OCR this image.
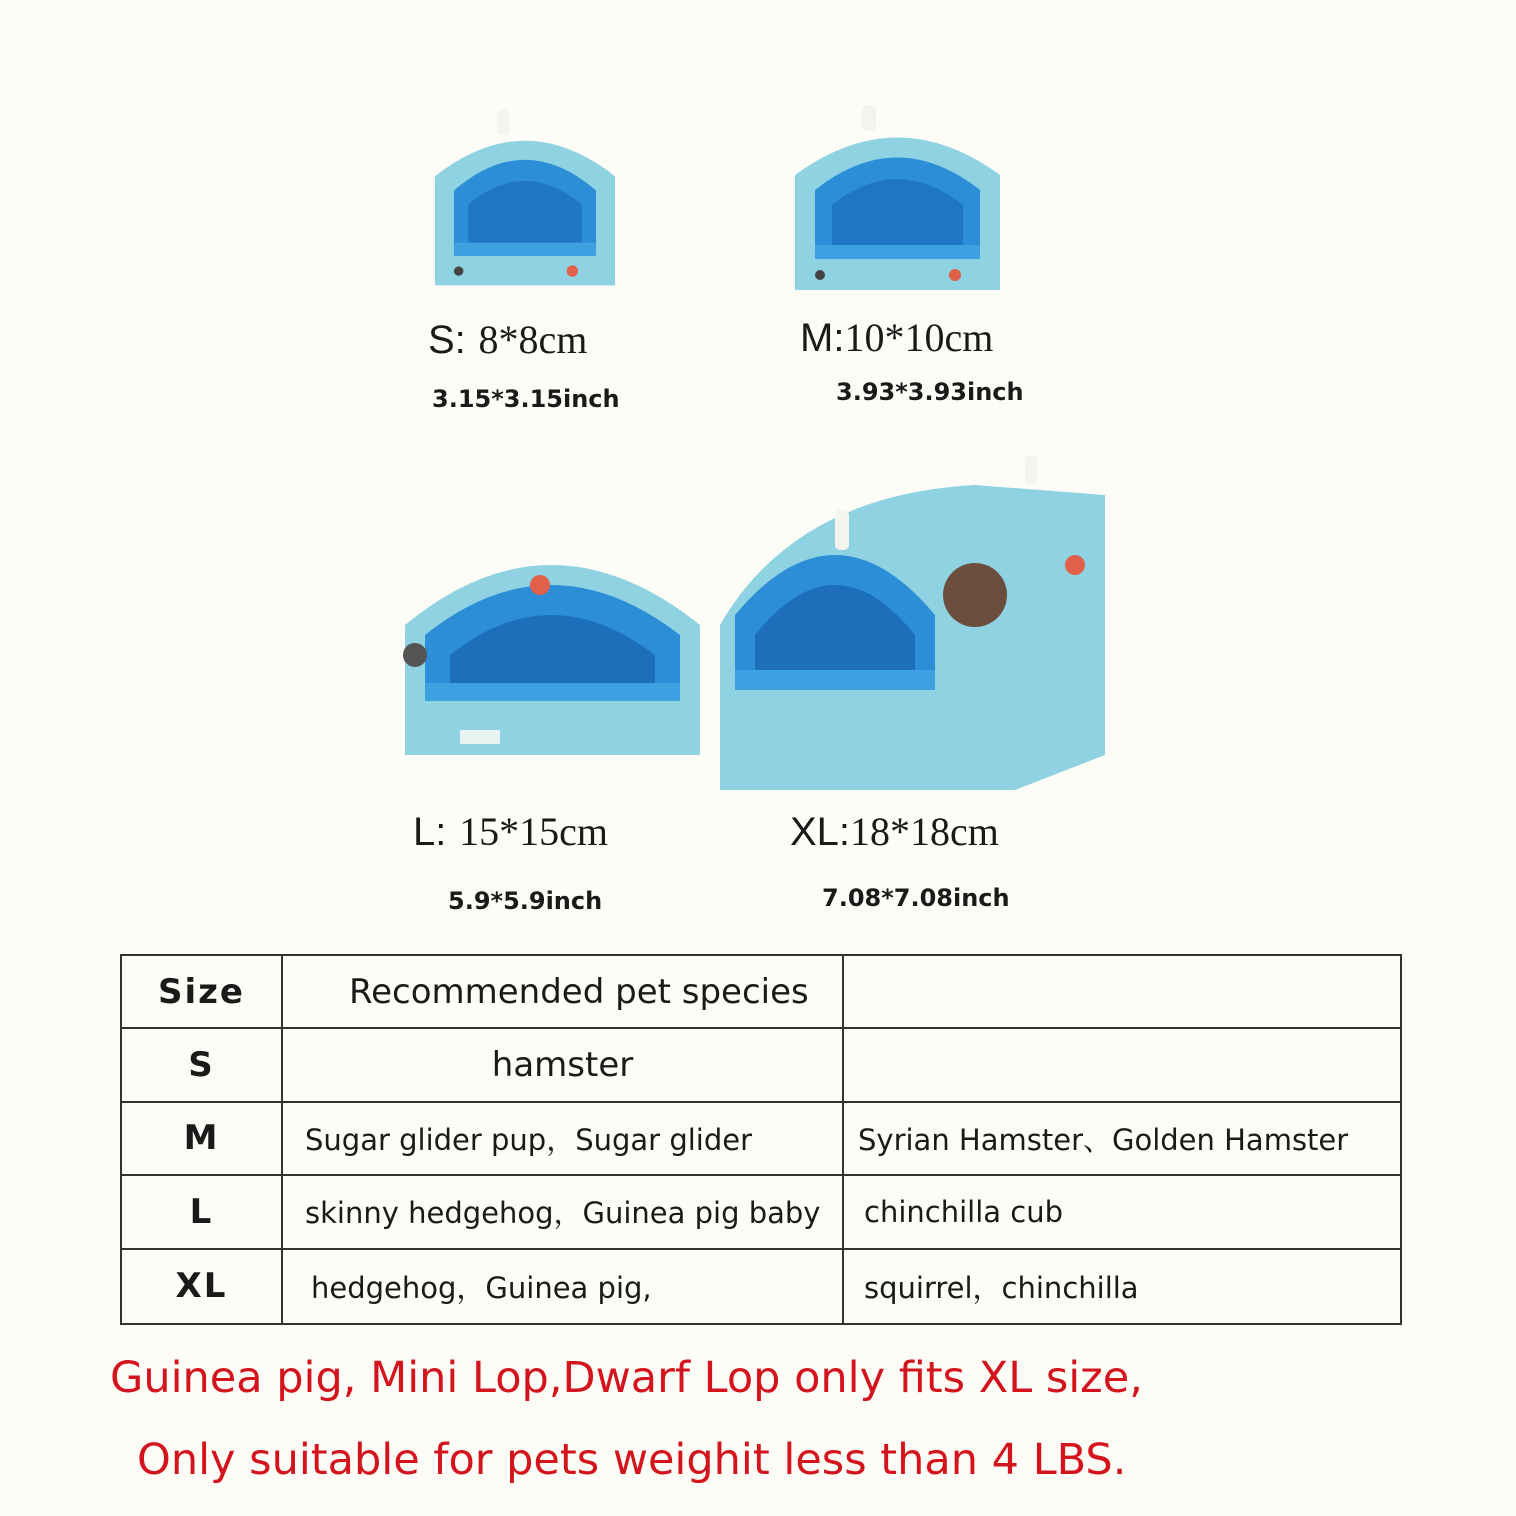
S: 8*8cm
3.15*3.15inch
M:10*10cm
3.93*3.93inch
L: 15*15cm
5.9*5.9inch
XL:18*18cm
7.08*7.08inch
Size	Recommended pet species
S	hamster
M	Sugar glider pup，Sugar glider	Syrian Hamster、Golden Hamster
L	skinny hedgehog，Guinea pig baby	chinchilla cub
XL	hedgehog，Guinea pig,	squirrel，chinchilla
Guinea pig, Mini Lop,Dwarf Lop only fits XL size,
Only suitable for pets weighit less than 4 LBS.
